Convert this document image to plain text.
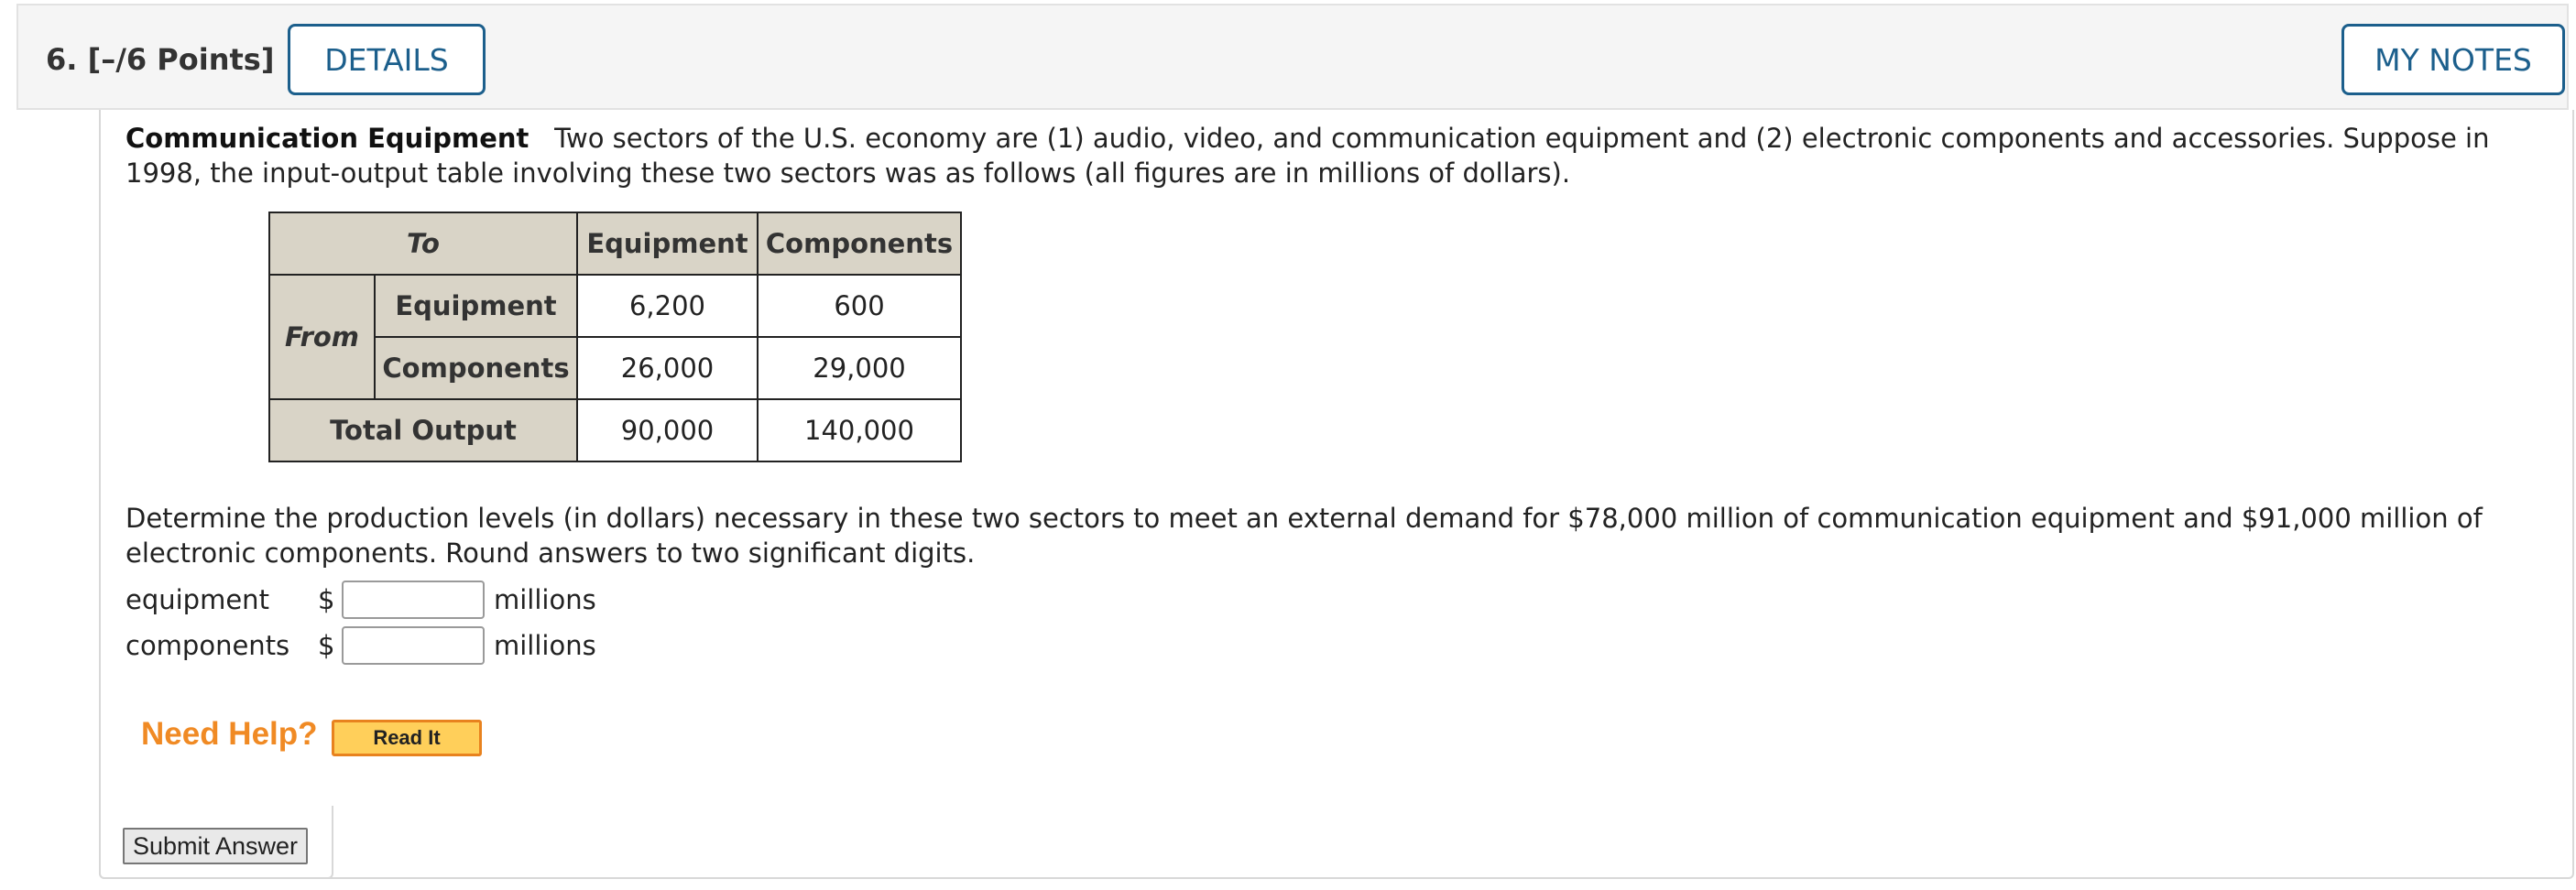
6. [–/6 Points]	DETAILS	MY NOTES
Communication Equipment Two sectors of the U.S. economy are (1) audio, video, and communication equipment and (2) electronic components and accessories. Suppose in 1998, the input-output table involving these two sectors was as follows (all figures are in millions of dollars).
To		Equipment	Components
From	Equipment	6,200	600
	Components	26,000	29,000
Total Output		90,000	140,000
Determine the production levels (in dollars) necessary in these two sectors to meet an external demand for $78,000 million of communication equipment and $91,000 million of electronic components. Round answers to two significant digits.
equipment $	millions
components $	millions
Need Help?	Read It
Submit Answer
